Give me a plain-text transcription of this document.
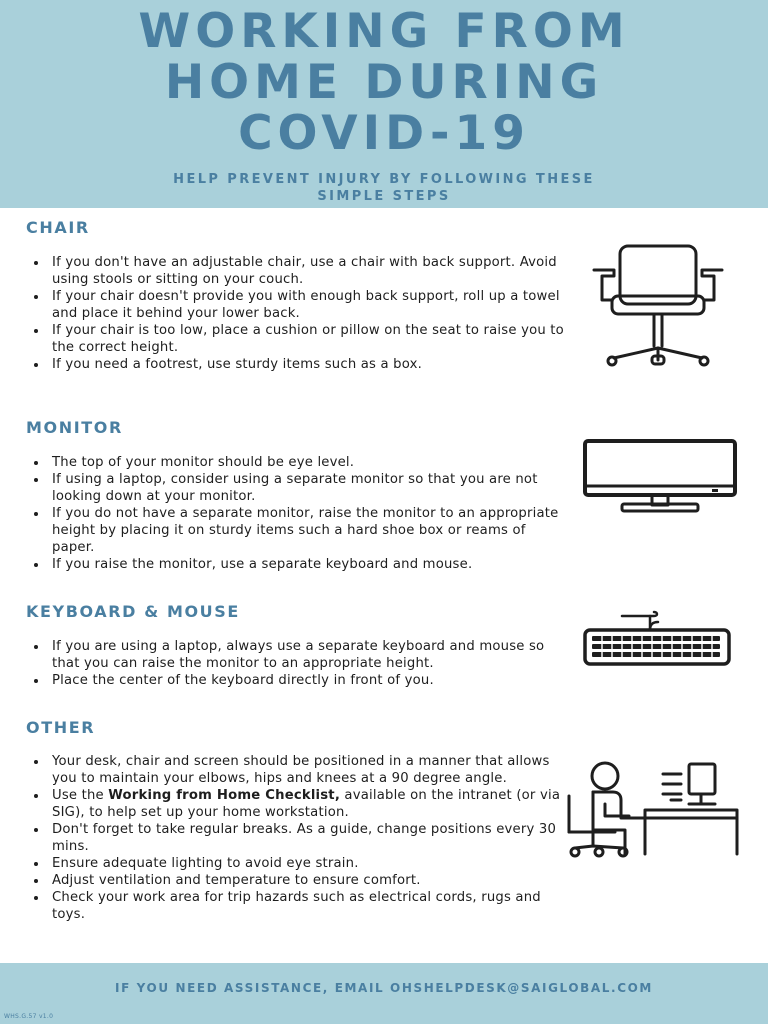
WORKING FROM
HOME DURING
COVID-19
HELP PREVENT INJURY BY FOLLOWING THESE
SIMPLE STEPS
CHAIR
If you don't have an adjustable chair, use a chair with back support. Avoid using stools or sitting on your couch.
If your chair doesn't provide you with enough back support, roll up a towel and place it behind your lower back.
If your chair is too low, place a cushion or pillow on the seat to raise you to the correct height.
If you need a footrest, use sturdy items such as a box.
MONITOR
The top of your monitor should be eye level.
If using a laptop, consider using a separate monitor so that you are not looking down at your monitor.
If you do not have a separate monitor, raise the monitor to an appropriate height by placing it on sturdy items such a hard shoe box or reams of paper.
If you raise the monitor, use a separate keyboard and mouse.
KEYBOARD & MOUSE
If you are using a laptop, always use a separate keyboard and mouse so that you can raise the monitor to an appropriate height.
Place the center of the keyboard directly in front of you.
OTHER
Your desk, chair and screen should be positioned in a manner that allows you to maintain your elbows, hips and knees at a 90 degree angle.
Use the Working from Home Checklist, available on the intranet (or via SIG), to help set up your home workstation.
Don't forget to take regular breaks. As a guide, change positions every 30 mins.
Ensure adequate lighting to avoid eye strain.
Adjust ventilation and temperature to ensure comfort.
Check your work area for trip hazards such as electrical cords, rugs and toys.
IF YOU NEED ASSISTANCE, EMAIL OHSHELPDESK@SAIGLOBAL.COM
WHS.G.57 v1.0
